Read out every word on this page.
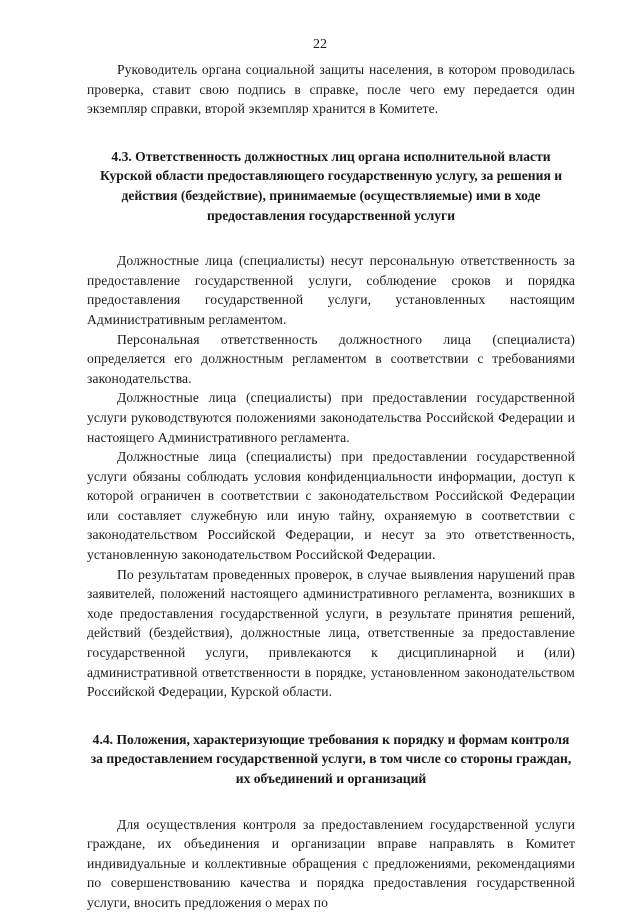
22

Руководитель органа социальной защиты населения, в котором проводилась проверка, ставит свою подпись в справке, после чего ему передается один экземпляр справки, второй экземпляр хранится в Комитете.

4.3. Ответственность должностных лиц органа исполнительной власти Курской области предоставляющего государственную услугу, за решения и действия (бездействие), принимаемые (осуществляемые) ими в ходе предоставления государственной услуги

Должностные лица (специалисты) несут персональную ответственность за предоставление государственной услуги, соблюдение сроков и порядка предоставления государственной услуги, установленных настоящим Административным регламентом.

Персональная ответственность должностного лица (специалиста) определяется его должностным регламентом в соответствии с требованиями законодательства.

Должностные лица (специалисты) при предоставлении государственной услуги руководствуются положениями законодательства Российской Федерации и настоящего Административного регламента.

Должностные лица (специалисты) при предоставлении государственной услуги обязаны соблюдать условия конфиденциальности информации, доступ к которой ограничен в соответствии с законодательством Российской Федерации или составляет служебную или иную тайну, охраняемую в соответствии с законодательством Российской Федерации, и несут за это ответственность, установленную законодательством Российской Федерации.

По результатам проведенных проверок, в случае выявления нарушений прав заявителей, положений настоящего административного регламента, возникших в ходе предоставления государственной услуги, в результате принятия решений, действий (бездействия), должностные лица, ответственные за предоставление государственной услуги, привлекаются к дисциплинарной и (или) административной ответственности в порядке, установленном законодательством Российской Федерации, Курской области.

4.4. Положения, характеризующие требования к порядку и формам контроля за предоставлением государственной услуги, в том числе со стороны граждан, их объединений и организаций

Для осуществления контроля за предоставлением государственной услуги граждане, их объединения и организации вправе направлять в Комитет индивидуальные и коллективные обращения с предложениями, рекомендациями по совершенствованию качества и порядка предоставления государственной услуги, вносить предложения о мерах по
